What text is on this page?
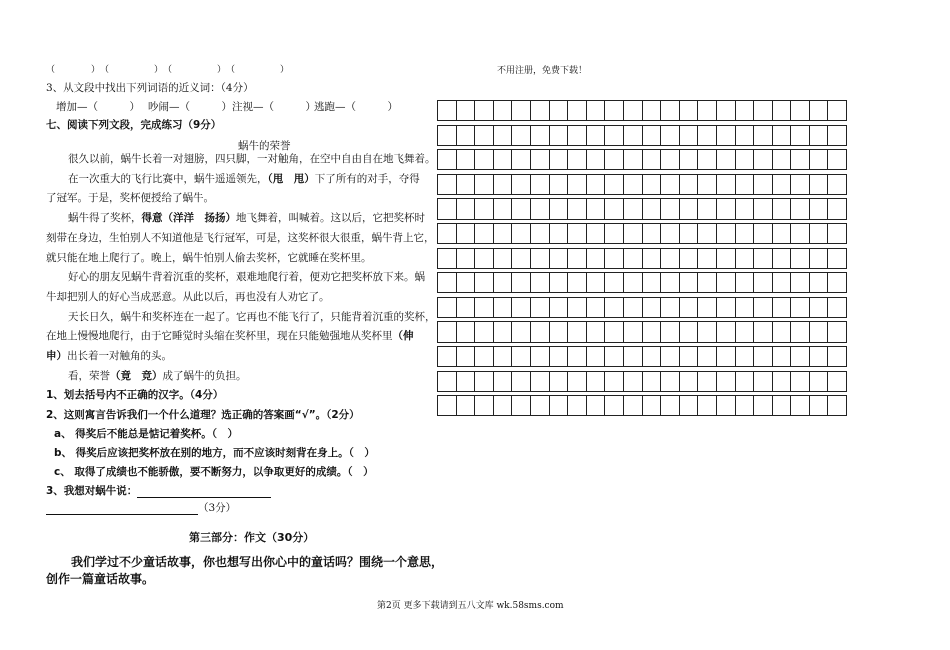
（　　　　）　（　　　　　）　（　　　　　）　（　　　　　）	不用注册，免费下载！
3、从文段中找出下列词语的近义词：（4分）
增加—（　　　） 吵闹—（　　　） 注视—（　　　）
逃跑—（　　　）
七、阅读下列文段，完成练习（9分）
蜗牛的荣誉
很久以前，蜗牛长着一对翅膀，四只脚，一对触角，在空中自由自在地飞舞着。
在一次重大的飞行比赛中，蜗牛遥遥领先，（甩　甩）下了所有的对手，夺得
了冠军。于是，奖杯便授给了蜗牛。
蜗牛得了奖杯，得意（洋洋　扬扬）地飞舞着，叫喊着。这以后，它把奖杯时
刻带在身边，生怕别人不知道他是飞行冠军，可是，这奖杯很大很重，蜗牛背上它，
就只能在地上爬行了。晚上，蜗牛怕别人偷去奖杯，它就睡在奖杯里。
好心的朋友见蜗牛背着沉重的奖杯，艰难地爬行着，便劝它把奖杯放下来。蜗
牛却把别人的好心当成恶意。从此以后，再也没有人劝它了。
天长日久，蜗牛和奖杯连在一起了。它再也不能飞行了，只能背着沉重的奖杯，
在地上慢慢地爬行，由于它睡觉时头缩在奖杯里，现在只能勉强地从奖杯里（伸
申）出长着一对触角的头。
看，荣誉（竟　竞）成了蜗牛的负担。
1、划去括号内不正确的汉字。（4分）
2、这则寓言告诉我们一个什么道理？选正确的答案画“√”。（2分）
a、 得奖后不能总是惦记着奖杯。（　）
b、 得奖后应该把奖杯放在别的地方，而不应该时刻背在身上。（　）
c、 取得了成绩也不能骄傲，要不断努力，以争取更好的成绩。（　）
3、我想对蜗牛说：
（3分）
第三部分：作文（30分）
我们学过不少童话故事，你也想写出你心中的童话吗？围绕一个意思，
创作一篇童话故事。
第2页 更多下载请到五八文库 wk.58sms.com
